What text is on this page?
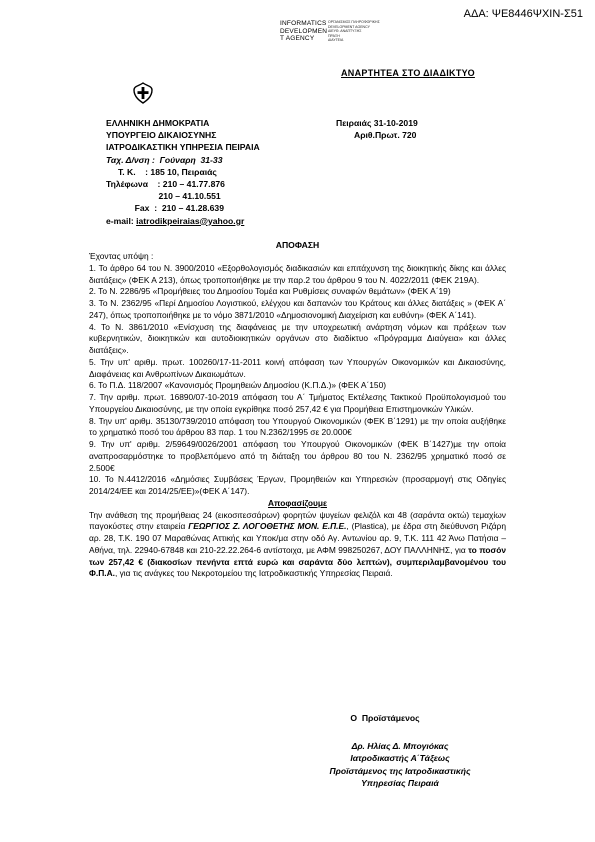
ΑΔΑ: ΨΕ8446ΨΧΙΝ-Σ51
INFORMATICS
DEVELOPMEN
T AGENCY
ΟΡΓΑΝΙΣΜΟΣ ΠΛΗΡΟΦΟΡΙΚΗΣ
DEVELOPMENT AGENCY
ΔΙΕΥΘ. ΑΝΑΠΤΥΞΗΣ
ΠΡΑΞΗ
ΔΙΑΥΓΕΙΑ
ΑΝΑΡΤΗΤΕΑ ΣΤΟ ΔΙΑΔΙΚΤΥΟ
ΕΛΛΗΝΙΚΗ ΔΗΜΟΚΡΑΤΙΑ
ΥΠΟΥΡΓΕΙΟ ΔΙΚΑΙΟΣΥΝΗΣ
ΙΑΤΡΟΔΙΚΑΣΤΙΚΗ ΥΠΗΡΕΣΙΑ ΠΕΙΡΑΙΑ
Ταχ. Δ/νση :  Γούναρη  31-33
Τ. Κ.    : 185 10, Πειραιάς
Τηλέφωνα    : 210 – 41.77.876
210 – 41.10.551
Fax  :  210 – 41.28.639
e-mail: iatrodikpeiraias@yahoo.gr
Πειραιάς 31-10-2019
Αριθ.Πρωτ. 720
ΑΠΟΦΑΣΗ

Έχοντας υπόψη :

1. Το άρθρο 64 του Ν. 3900/2010 «Εξορθολογισμός διαδικασιών και επιτάχυνση της διοικητικής δίκης και άλλες διατάξεις» (ΦΕΚ Α 213), όπως τροποποιήθηκε με την παρ.2 του άρθρου 9 του Ν. 4022/2011 (ΦΕΚ 219Α).

2. Το Ν. 2286/95 «Προμήθειες του Δημοσίου Τομέα και Ρυθμίσεις συναφών θεμάτων» (ΦΕΚ Α΄19)

3. Το Ν. 2362/95 «Περί Δημοσίου Λογιστικού, ελέγχου και δαπανών του Κράτους και άλλες διατάξεις » (ΦΕΚ Α΄ 247), όπως τροποποιήθηκε με το νόμο 3871/2010 «Δημοσιονομική Διαχείριση και ευθύνη» (ΦΕΚ Α΄141).

4. Το Ν. 3861/2010 «Ενίσχυση της διαφάνειας με την υποχρεωτική ανάρτηση νόμων και πράξεων των κυβερνητικών, διοικητικών και αυτοδιοικητικών οργάνων στο διαδίκτυο «Πρόγραμμα Διαύγεια» και άλλες διατάξεις».

5. Την υπ' αριθμ. πρωτ. 100260/17-11-2011 κοινή απόφαση των Υπουργών Οικονομικών και Δικαιοσύνης, Διαφάνειας και Ανθρωπίνων Δικαιωμάτων.

6. Το Π.Δ. 118/2007 «Κανονισμός Προμηθειών Δημοσίου (Κ.Π.Δ.)» (ΦΕΚ Α΄150)

7. Την αριθμ. πρωτ. 16890/07-10-2019 απόφαση του Α΄ Τμήματος Εκτέλεσης Τακτικού Προϋπολογισμού του Υπουργείου Δικαιοσύνης, με την οποία εγκρίθηκε ποσό 257,42 € για Προμήθεια Επιστημονικών Υλικών.

8. Την υπ' αριθμ. 35130/739/2010 απόφαση του Υπουργού Οικονομικών (ΦΕΚ Β΄1291) με την οποία αυξήθηκε το χρηματικό ποσό του άρθρου 83 παρ. 1 του Ν.2362/1995 σε 20.000€

9. Την υπ' αριθμ. 2/59649/0026/2001 απόφαση του Υπουργού Οικονομικών (ΦΕΚ Β΄1427)με την οποία αναπροσαρμόστηκε το προβλεπόμενο από τη διάταξη του άρθρου 80 του Ν. 2362/95 χρηματικό ποσό σε 2.500€

10. Το Ν.4412/2016 «Δημόσιες Συμβάσεις Έργων, Προμηθειών και Υπηρεσιών (προσαρμογή στις Οδηγίες 2014/24/ΕΕ και 2014/25/ΕΕ)»(ΦΕΚ Α΄147).

Αποφασίζουμε

Την ανάθεση της προμήθειας 24 (εικοσιτεσσάρων) φορητών ψυγείων φελιζόλ και 48 (σαράντα οκτώ) τεμαχίων παγοκύστες στην εταιρεία ΓΕΩΡΓΙΟΣ Ζ. ΛΟΓΟΘΕΤΗΣ ΜΟΝ. Ε.Π.Ε., (Plastica), με έδρα στη διεύθυνση Ριζάρη αρ. 28, Τ.Κ. 190 07 Μαραθώνας Αττικής και Υποκ/μα στην οδό Αγ. Αντωνίου αρ. 9, Τ.Κ. 111 42 Άνω Πατήσια – Αθήνα, τηλ. 22940-67848 και 210-22.22.264-6 αντίστοιχα, με ΑΦΜ 998250267, ΔΟΥ ΠΑΛΛΗΝΗΣ, για το ποσόν των 257,42 € (διακοσίων πενήντα επτά ευρώ και σαράντα δύο λεπτών), συμπεριλαμβανομένου του Φ.Π.Α., για τις ανάγκες του Νεκροτομείου της Ιατροδικαστικής Υπηρεσίας Πειραιά.

Ο  Προϊστάμενος
Δρ. Ηλίας Δ. Μπογιόκας
Ιατροδικαστής Α΄Τάξεως
Προϊστάμενος της Ιατροδικαστικής
Υπηρεσίας Πειραιά
